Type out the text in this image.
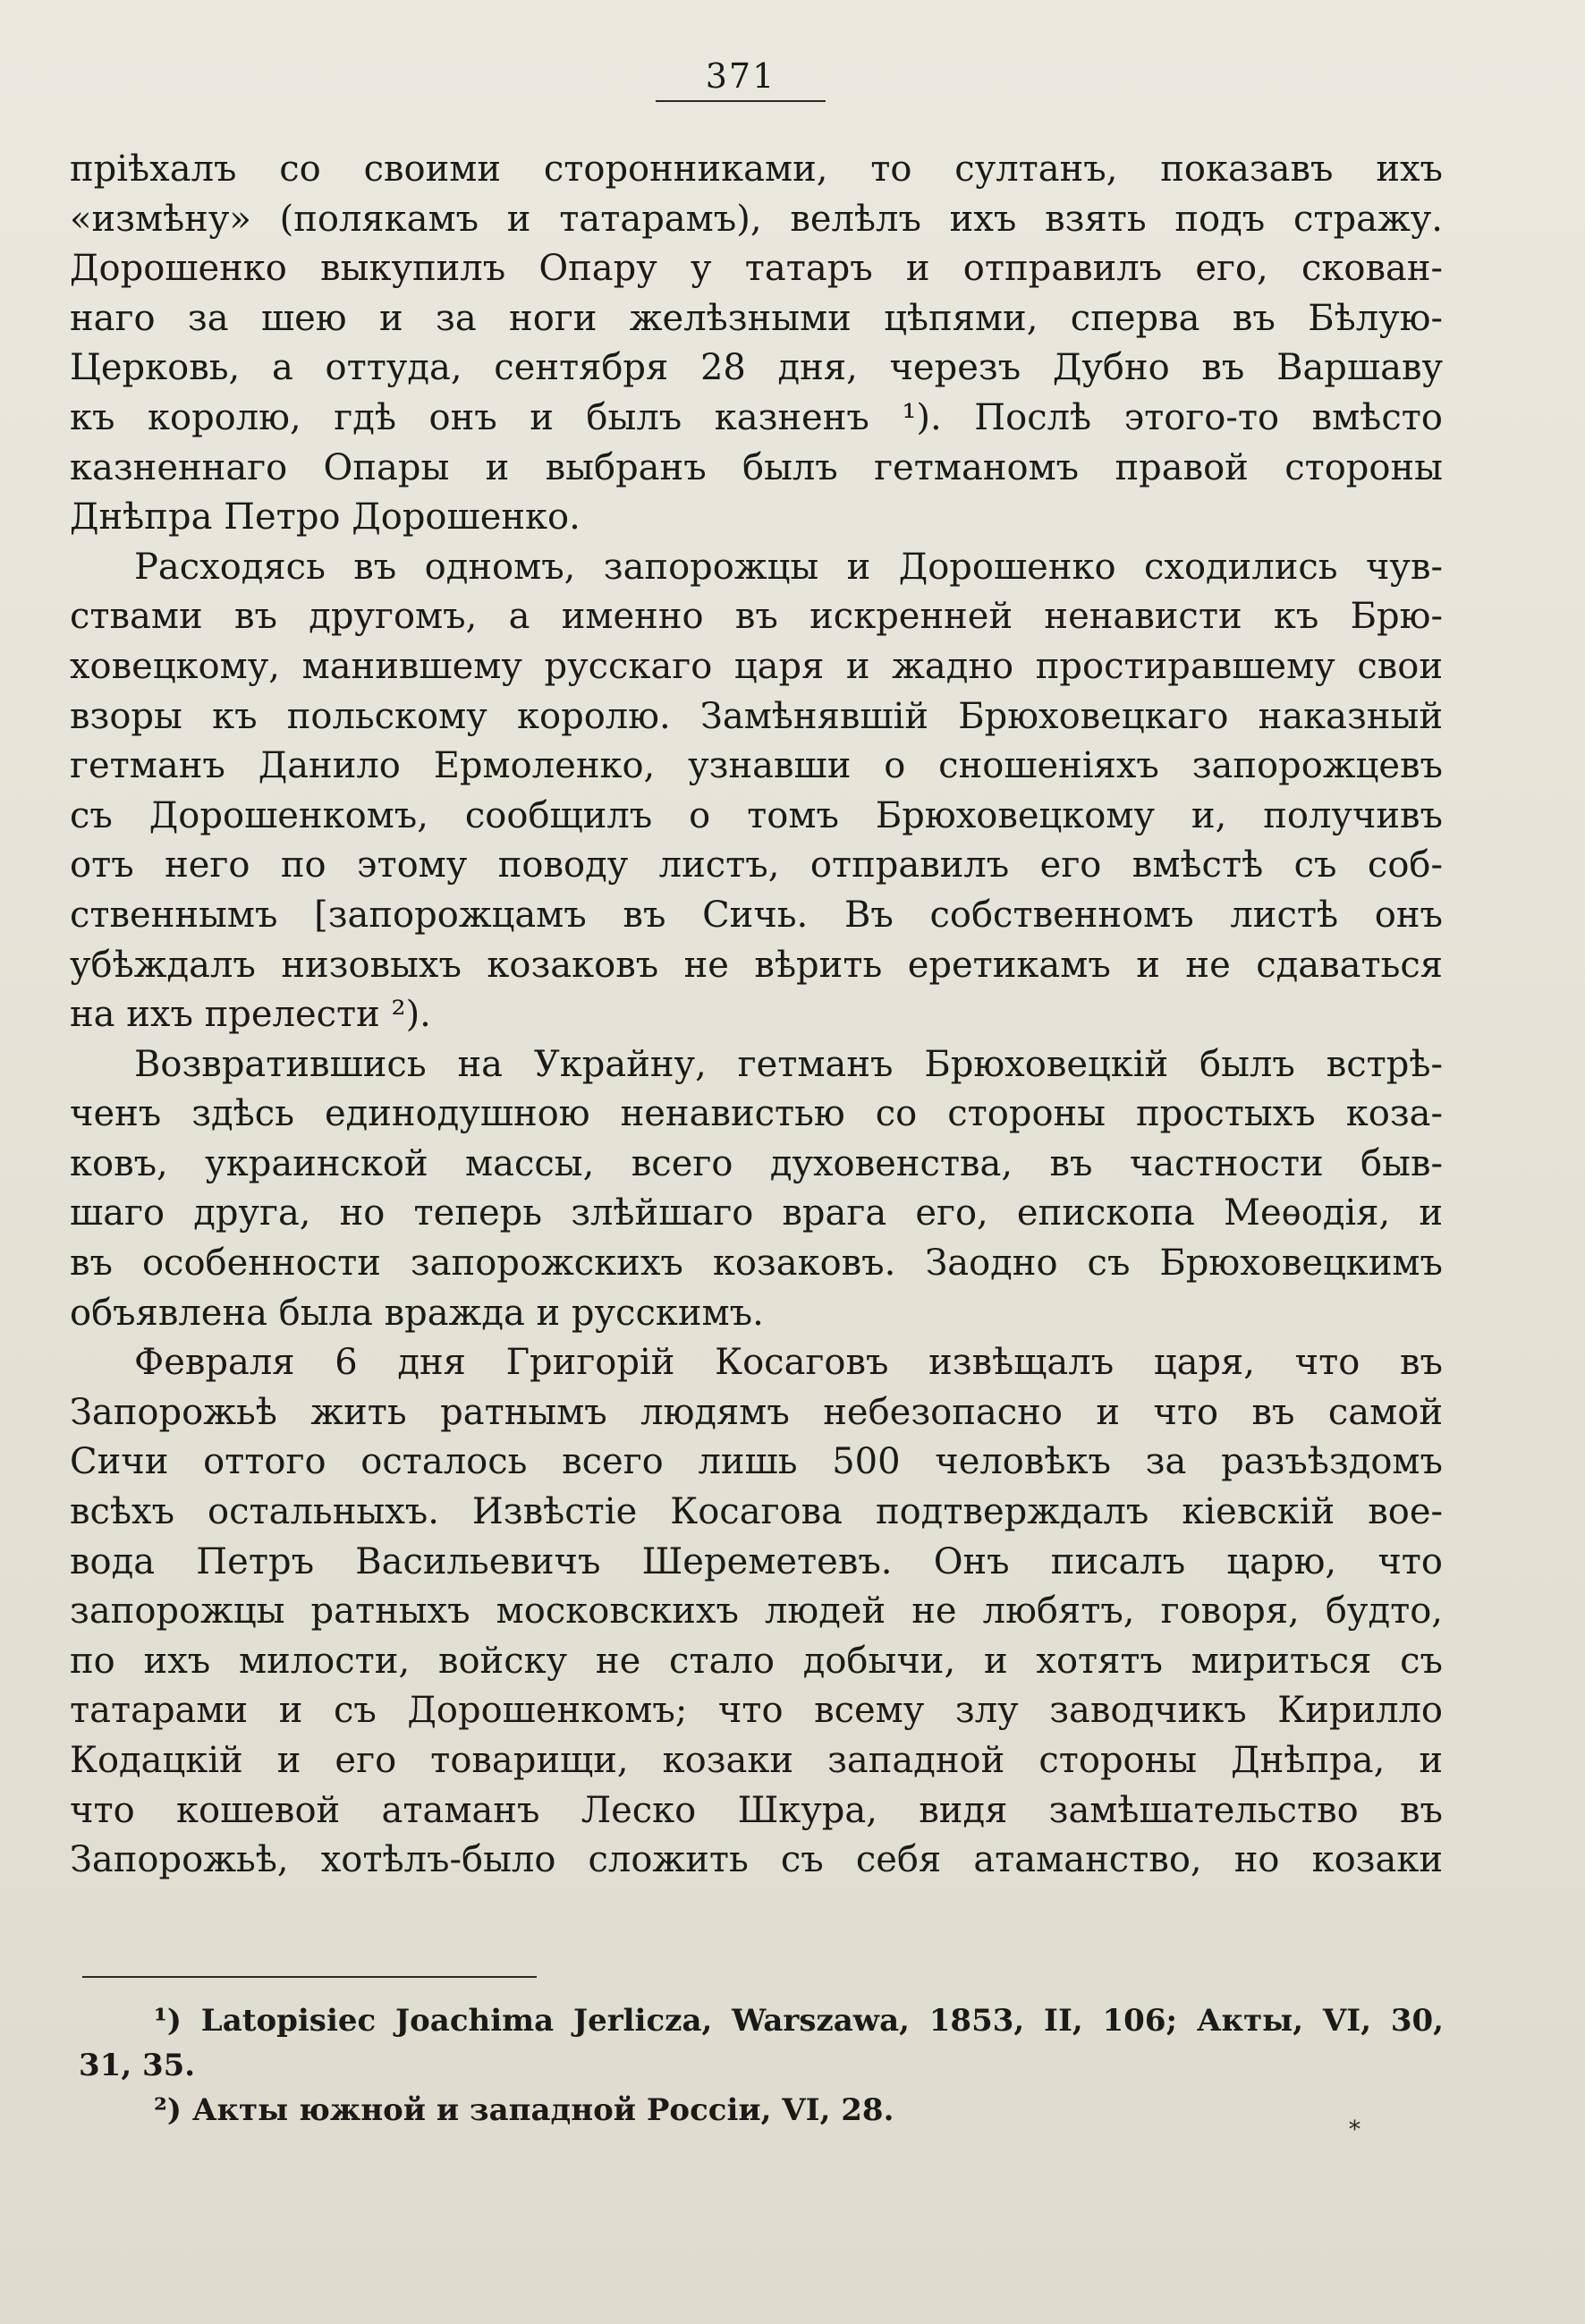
371
прiѣхалъ со своими сторонниками, то султанъ, показавъ ихъ
«измѣну» (полякамъ и татарамъ), велѣлъ ихъ взять подъ стражу.
Дорошенко выкупилъ Опару у татаръ и отправилъ его, скован-
наго за шею и за ноги желѣзными цѣпями, сперва въ Бѣлую-
Церковь, а оттуда, сентября 28 дня, черезъ Дубно въ Варшаву
къ королю, гдѣ онъ и былъ казненъ ¹). Послѣ этого-то вмѣсто
казненнаго Опары и выбранъ былъ гетманомъ правой стороны
Днѣпра Петро Дорошенко.
Расходясь въ одномъ, запорожцы и Дорошенко сходились чув-
ствами въ другомъ, а именно въ искренней ненависти къ Брю-
ховецкому, манившему русскаго царя и жадно простиравшему свои
взоры къ польскому королю. Замѣнявшiй Брюховецкаго наказный
гетманъ Данило Ермоленко, узнавши о сношенiяхъ запорожцевъ
съ Дорошенкомъ, сообщилъ о томъ Брюховецкому и, получивъ
отъ него по этому поводу листъ, отправилъ его вмѣстѣ съ соб-
ственнымъ [запорожцамъ въ Сичь. Въ собственномъ листѣ онъ
убѣждалъ низовыхъ козаковъ не вѣрить еретикамъ и не сдаваться
на ихъ прелести ²).
Возвратившись на Украйну, гетманъ Брюховецкiй былъ встрѣ-
ченъ здѣсь единодушною ненавистью со стороны простыхъ коза-
ковъ, украинской массы, всего духовенства, въ частности быв-
шаго друга, но теперь злѣйшаго врага его, епископа Меѳодiя, и
въ особенности запорожскихъ козаковъ. Заодно съ Брюховецкимъ
объявлена была вражда и русскимъ.
Февраля 6 дня Григорiй Косаговъ извѣщалъ царя, что въ
Запорожьѣ жить ратнымъ людямъ небезопасно и что въ самой
Сичи оттого осталось всего лишь 500 человѣкъ за разъѣздомъ
всѣхъ остальныхъ. Извѣстiе Косагова подтверждалъ кiевскiй вое-
вода Петръ Васильевичъ Шереметевъ. Онъ писалъ царю, что
запорожцы ратныхъ московскихъ людей не любятъ, говоря, будто,
по ихъ милости, войску не стало добычи, и хотятъ мириться съ
татарами и съ Дорошенкомъ; что всему злу заводчикъ Кирилло
Кодацкiй и его товарищи, козаки западной стороны Днѣпра, и
что кошевой атаманъ Леско Шкура, видя замѣшательство въ
Запорожьѣ, хотѣлъ-было сложить съ себя атаманство, но козаки
¹) Latopisiec Joachima Jerlicza, Warszawa, 1853, II, 106; Акты, VI, 30,
31, 35.
²) Акты южной и западной Россiи, VI, 28.
*
